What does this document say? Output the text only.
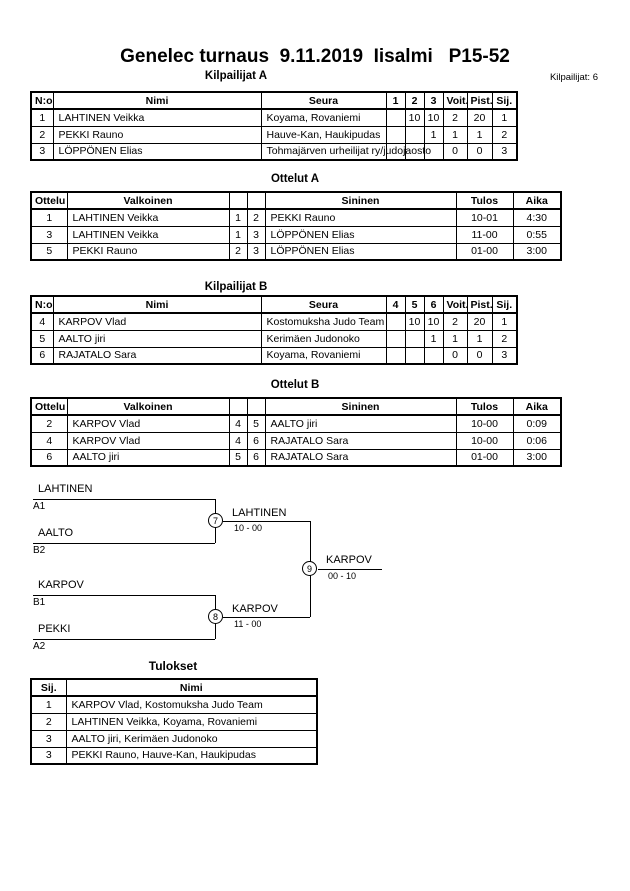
Genelec turnaus  9.11.2019  Iisalmi   P15-52
Kilpailijat A	Kilpailijat: 6
N:o	Nimi	Seura	1	2	3	Voit.	Pist.	Sij.
1	LAHTINEN Veikka	Koyama, Rovaniemi		10	10	2	20	1
2	PEKKI Rauno	Hauve-Kan, Haukipudas			1	1	1	2
3	LÖPPÖNEN Elias	Tohmajärven urheilijat ry/judojaosto				0	0	3
Ottelut A
Ottelu	Valkoinen			Sininen	Tulos	Aika
1	LAHTINEN Veikka	1	2	PEKKI Rauno	10-01	4:30
3	LAHTINEN Veikka	1	3	LÖPPÖNEN Elias	11-00	0:55
5	PEKKI Rauno	2	3	LÖPPÖNEN Elias	01-00	3:00
Kilpailijat B
N:o	Nimi	Seura	4	5	6	Voit.	Pist.	Sij.
4	KARPOV Vlad	Kostomuksha Judo Team		10	10	2	20	1
5	AALTO jiri	Kerimäen Judonoko			1	1	1	2
6	RAJATALO Sara	Koyama, Rovaniemi				0	0	3
Ottelut B
Ottelu	Valkoinen			Sininen	Tulos	Aika
2	KARPOV Vlad	4	5	AALTO jiri	10-00	0:09
4	KARPOV Vlad	4	6	RAJATALO Sara	10-00	0:06
6	AALTO jiri	5	6	RAJATALO Sara	01-00	3:00
LAHTINEN
A1
AALTO
B2
7
LAHTINEN
10 - 00
KARPOV
B1
PEKKI
A2
8
KARPOV
11 - 00
9
KARPOV
00 - 10
Tulokset
Sij.	Nimi
1	KARPOV Vlad, Kostomuksha Judo Team
2	LAHTINEN Veikka, Koyama, Rovaniemi
3	AALTO jiri, Kerimäen Judonoko
3	PEKKI Rauno, Hauve-Kan, Haukipudas
